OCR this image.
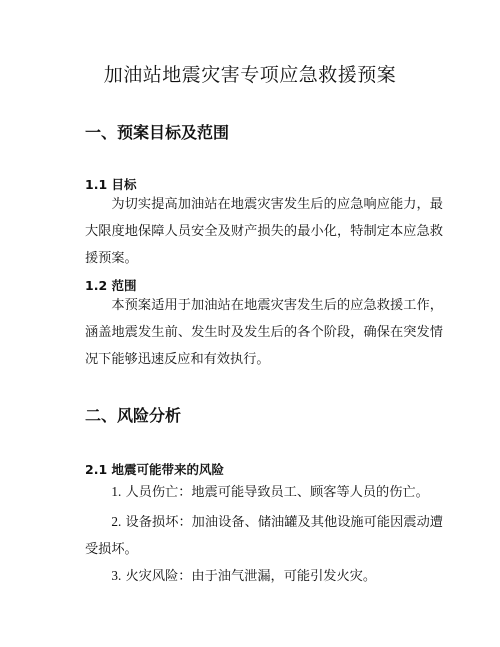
加油站地震灾害专项应急救援预案
一、预案目标及范围
1.1 目标

为切实提高加油站在地震灾害发生后的应急响应能力，最大限度地保障人员安全及财产损失的最小化，特制定本应急救援预案。

1.2 范围

本预案适用于加油站在地震灾害发生后的应急救援工作，涵盖地震发生前、发生时及发生后的各个阶段，确保在突发情况下能够迅速反应和有效执行。

二、风险分析
2.1 地震可能带来的风险

1. 人员伤亡：地震可能导致员工、顾客等人员的伤亡。

2. 设备损坏：加油设备、储油罐及其他设施可能因震动遭受损坏。

3. 火灾风险：由于油气泄漏，可能引发火灾。
